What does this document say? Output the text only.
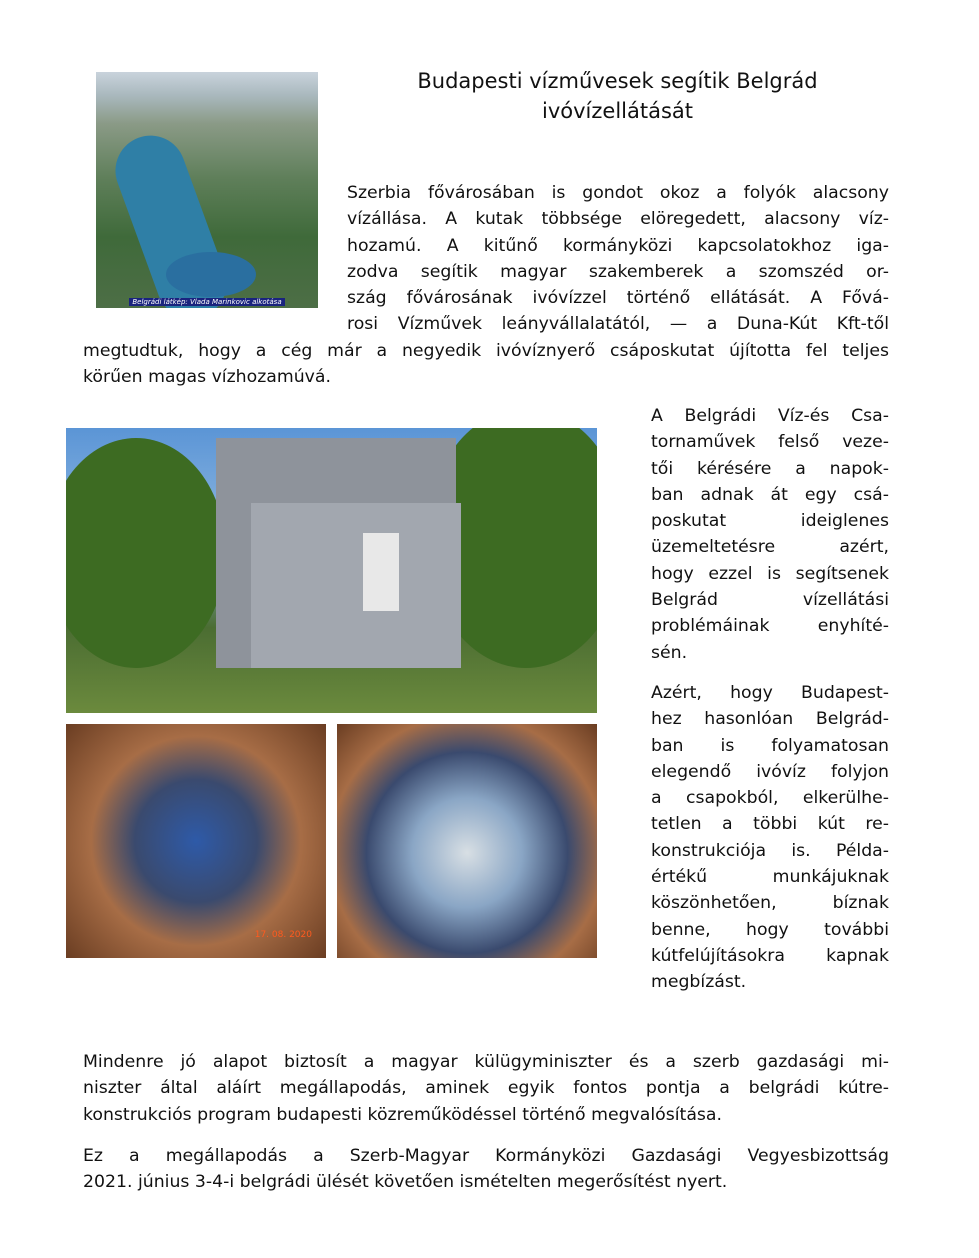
Budapesti vízművesek segítik Belgrád
ivóvízellátását
Belgrádi látkép: Vlada Marinkovic alkotása
Szerbia fővárosában is gondot okoz a folyók alacsony
vízállása. A kutak többsége elöregedett, alacsony víz-
hozamú. A kitűnő kormányközi kapcsolatokhoz iga-
zodva segítik magyar szakemberek a szomszéd or-
szág fővárosának ivóvízzel történő ellátását. A Fővá-
rosi Vízművek leányvállalatától, — a Duna-Kút Kft-től
megtudtuk, hogy a cég már a negyedik ivóvíznyerő csáposkutat újította fel teljes
körűen magas vízhozamúvá.
17. 08. 2020
A Belgrádi Víz-és Csa-
tornaművek felső veze-
tői kérésére a napok-
ban adnak át egy csá-
poskutat ideiglenes
üzemeltetésre azért,
hogy ezzel is segítsenek
Belgrád vízellátási
problémáinak enyhíté-
sén.
Azért, hogy Budapest-
hez hasonlóan Belgrád-
ban is folyamatosan
elegendő ivóvíz folyjon
a csapokból, elkerülhe-
tetlen a többi kút re-
konstrukciója is. Példa-
értékű munkájuknak
köszönhetően, bíznak
benne, hogy további
kútfelújításokra kapnak
megbízást.
Mindenre jó alapot biztosít a magyar külügyminiszter és a szerb gazdasági mi-
niszter által aláírt megállapodás, aminek egyik fontos pontja a belgrádi kútre-
konstrukciós program budapesti közreműködéssel történő megvalósítása.
Ez a megállapodás a Szerb-Magyar Kormányközi Gazdasági Vegyesbizottság
2021. június 3-4-i belgrádi ülését követően ismételten megerősítést nyert.
